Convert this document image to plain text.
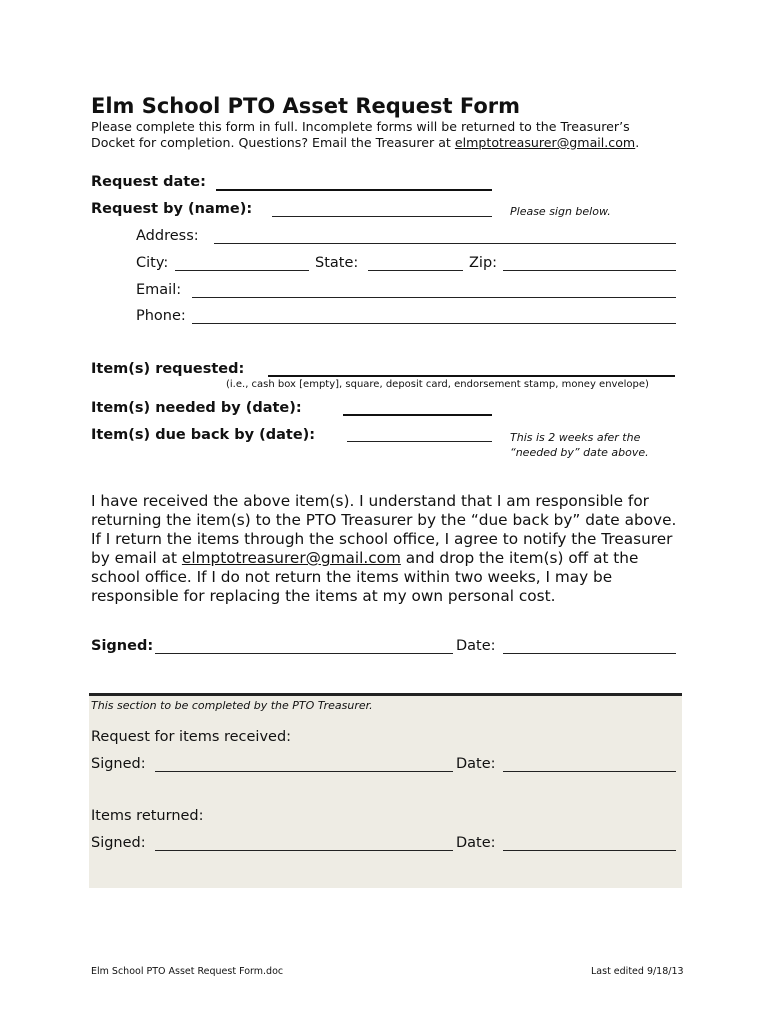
Elm School PTO Asset Request Form
Please complete this form in full. Incomplete forms will be returned to the Treasurer’s
Docket for completion. Questions? Email the Treasurer at elmptotreasurer@gmail.com.
Request date:
Request by (name):	Please sign below.
Address:
City:	State:	Zip:
Email:
Phone:
Item(s) requested:
(i.e., cash box [empty], square, deposit card, endorsement stamp, money envelope)
Item(s) needed by (date):
Item(s) due back by (date):	This is 2 weeks afer the
“needed by” date above.
I have received the above item(s). I understand that I am responsible for
returning the item(s) to the PTO Treasurer by the “due back by” date above.
If I return the items through the school office, I agree to notify the Treasurer
by email at elmptotreasurer@gmail.com and drop the item(s) off at the
school office. If I do not return the items within two weeks, I may be
responsible for replacing the items at my own personal cost.
Signed:	Date:
This section to be completed by the PTO Treasurer.
Request for items received:
Signed:	Date:
Items returned:
Signed:	Date:
Elm School PTO Asset Request Form.doc	Last edited 9/18/13
